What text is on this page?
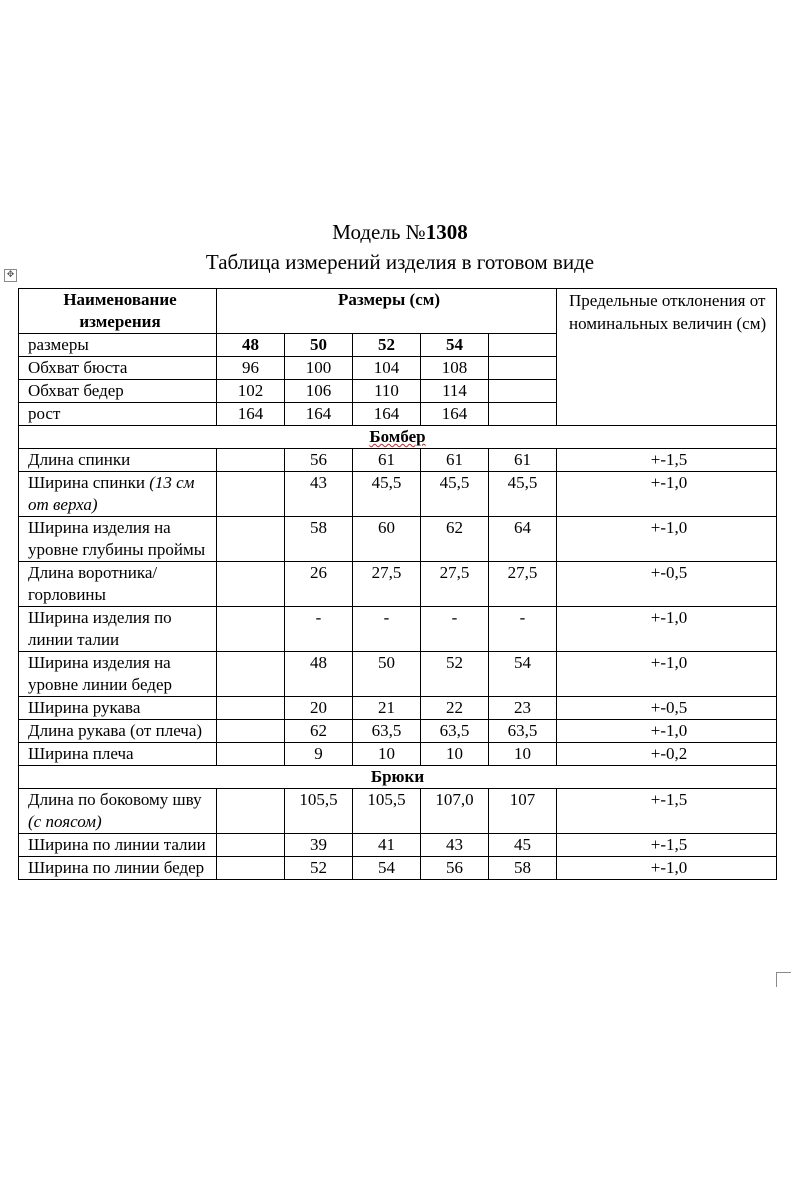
Модель №1308
Таблица измерений изделия в готовом виде
✥
Наименование измерения	Размеры (см)					Предельные отклонения от номинальных величин (см)
размеры	48	50	52	54		
Обхват бюста	96	100	104	108		
Обхват бедер	102	106	110	114		
рост	164	164	164	164		
Бомбер						
Длина спинки		56	61	61	61	+-1,5
Ширина спинки (13 см от верха)		43	45,5	45,5	45,5	+-1,0
Ширина изделия на уровне глубины проймы		58	60	62	64	+-1,0
Длина воротника/горловины		26	27,5	27,5	27,5	+-0,5
Ширина изделия по линии талии		-	-	-	-	+-1,0
Ширина изделия на уровне линии бедер		48	50	52	54	+-1,0
Ширина рукава		20	21	22	23	+-0,5
Длина рукава (от плеча)		62	63,5	63,5	63,5	+-1,0
Ширина плеча		9	10	10	10	+-0,2
Брюки						
Длина по боковому шву (с поясом)		105,5	105,5	107,0	107	+-1,5
Ширина по линии талии		39	41	43	45	+-1,5
Ширина по линии бедер		52	54	56	58	+-1,0
